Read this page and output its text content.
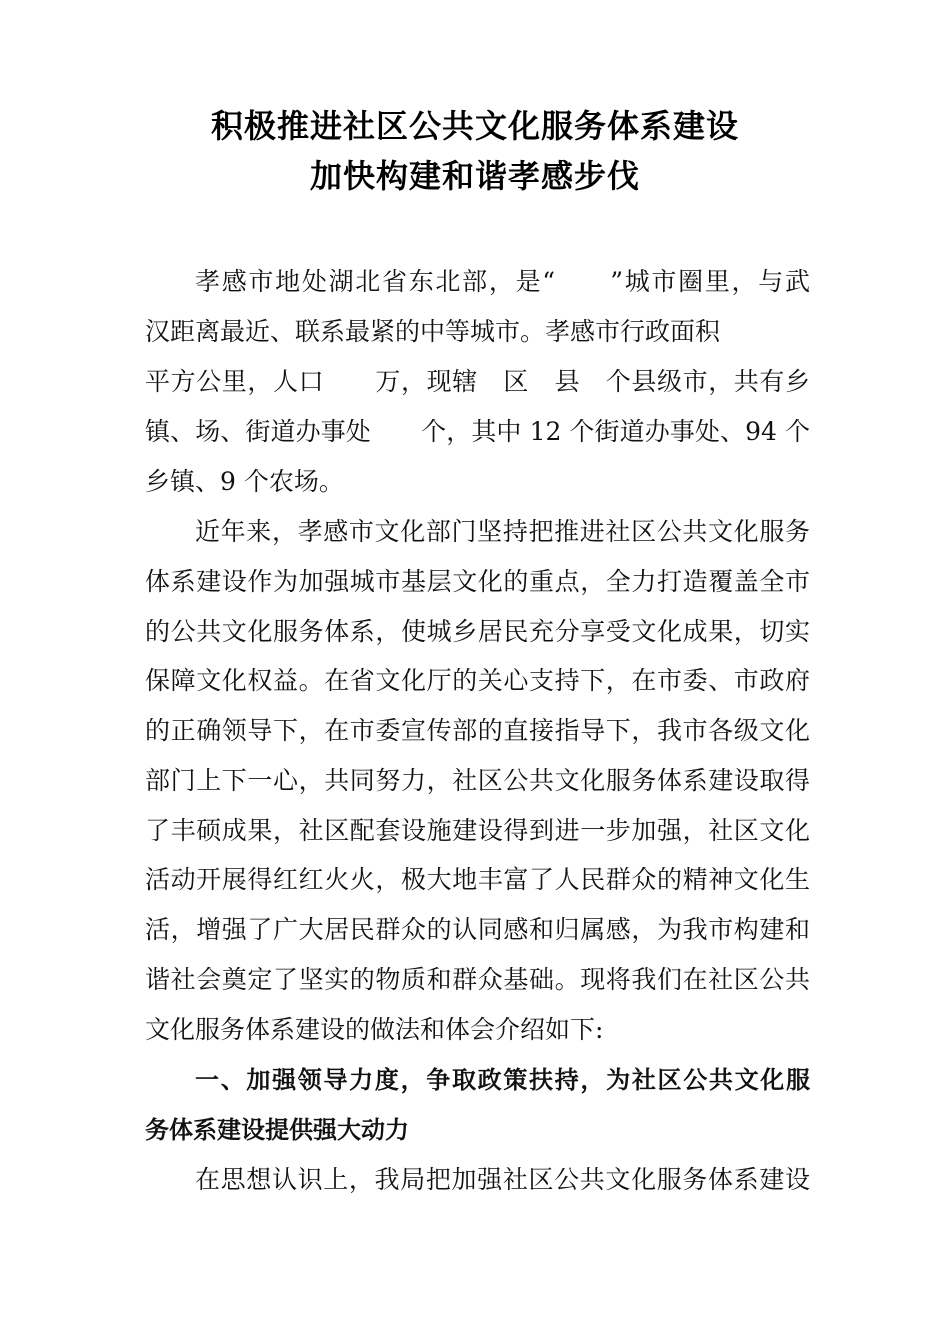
积极推进社区公共文化服务体系建设
加快构建和谐孝感步伐
孝感市地处湖北省东北部，是“　　”城市圈里，与武
汉距离最近、联系最紧的中等城市。孝感市行政面积
平方公里，人口　　万，现辖　区　县　个县级市，共有乡
镇、场、街道办事处　　个，其中 12 个街道办事处、94 个
乡镇、9 个农场。
近年来，孝感市文化部门坚持把推进社区公共文化服务
体系建设作为加强城市基层文化的重点，全力打造覆盖全市
的公共文化服务体系，使城乡居民充分享受文化成果，切实
保障文化权益。在省文化厅的关心支持下，在市委、市政府
的正确领导下，在市委宣传部的直接指导下，我市各级文化
部门上下一心，共同努力，社区公共文化服务体系建设取得
了丰硕成果，社区配套设施建设得到进一步加强，社区文化
活动开展得红红火火，极大地丰富了人民群众的精神文化生
活，增强了广大居民群众的认同感和归属感，为我市构建和
谐社会奠定了坚实的物质和群众基础。现将我们在社区公共
文化服务体系建设的做法和体会介绍如下:
一、加强领导力度，争取政策扶持，为社区公共文化服
务体系建设提供强大动力
在思想认识上，我局把加强社区公共文化服务体系建设
